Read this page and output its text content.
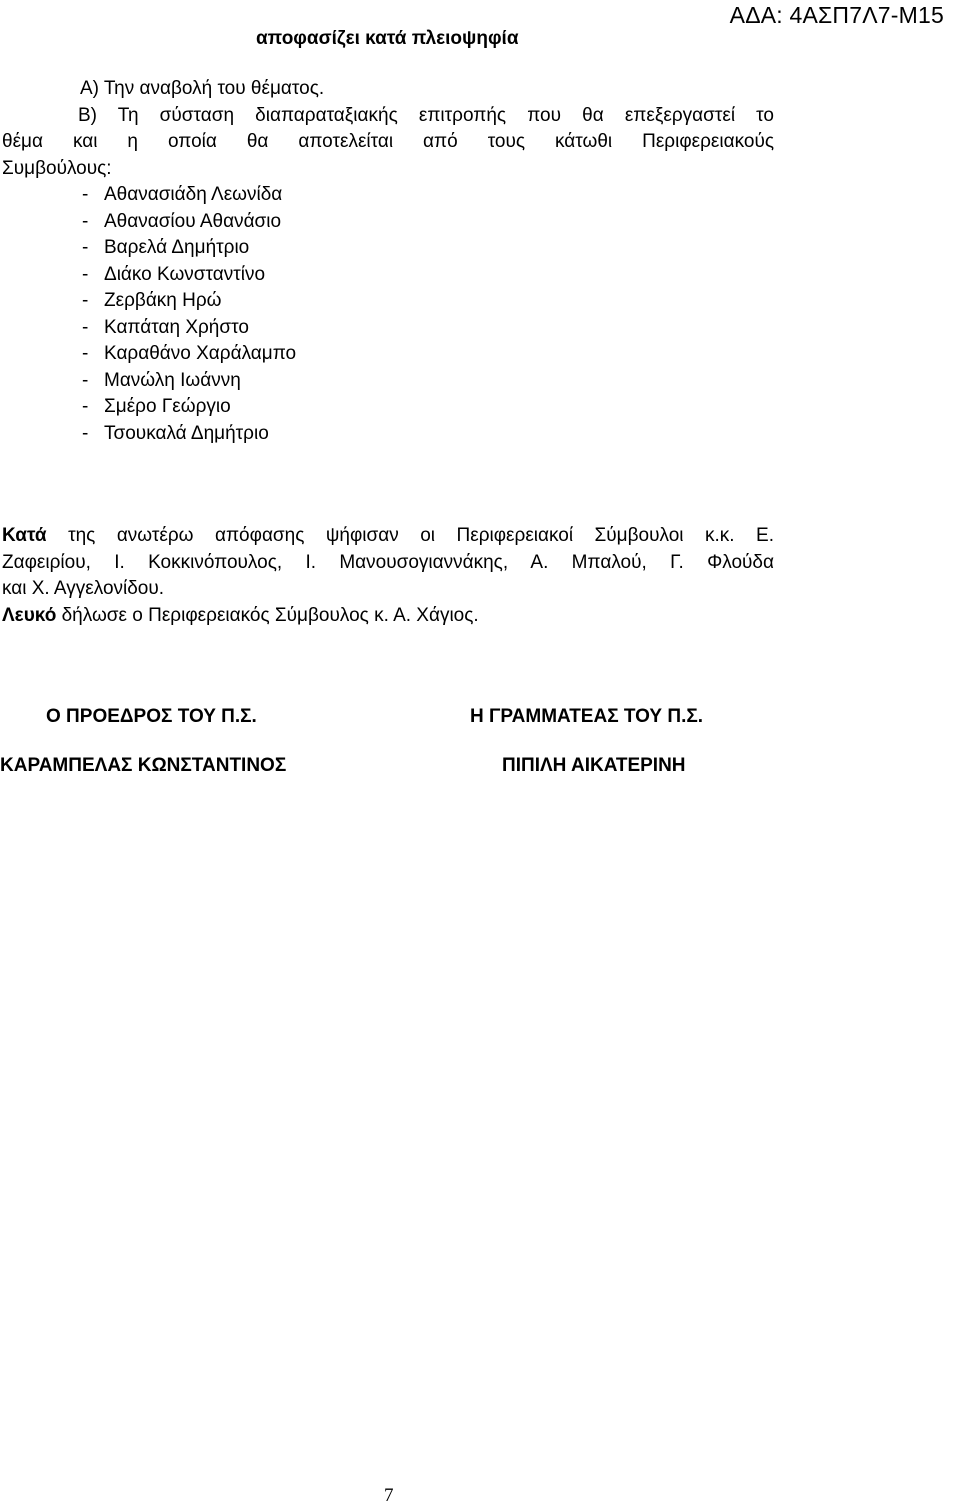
ΑΔΑ: 4ΑΣΠ7Λ7-Μ15
αποφασίζει κατά πλειοψηφία
Α) Την αναβολή του θέματος.
Β) Τη σύσταση διαπαραταξιακής επιτροπής που θα επεξεργαστεί το
θέμα και η οποία θα αποτελείται από τους κάτωθι Περιφερειακούς
Συμβούλους:
- Αθανασιάδη Λεωνίδα
- Αθανασίου Αθανάσιο
- Βαρελά Δημήτριο
- Διάκο Κωνσταντίνο
- Ζερβάκη Ηρώ
- Καπάταη Χρήστο
- Καραθάνο Χαράλαμπο
- Μανώλη Ιωάννη
- Σμέρο Γεώργιο
- Τσουκαλά Δημήτριο

Κατά της ανωτέρω απόφασης ψήφισαν οι Περιφερειακοί Σύμβουλοι κ.κ. Ε.

Ζαφειρίου, Ι. Κοκκινόπουλος, Ι. Μανουσογιαννάκης, Α. Μπαλού, Γ. Φλούδα

και Χ. Αγγελονίδου.

Λευκό δήλωσε ο Περιφερειακός Σύμβουλος κ. Α. Χάγιος.

Ο ΠΡΟΕΔΡΟΣ ΤΟΥ Π.Σ.	Η ΓΡΑΜΜΑΤΕΑΣ ΤΟΥ Π.Σ.
ΚΑΡΑΜΠΕΛΑΣ ΚΩΝΣΤΑΝΤΙΝΟΣ	ΠΙΠΙΛΗ ΑΙΚΑΤΕΡΙΝΗ
7
